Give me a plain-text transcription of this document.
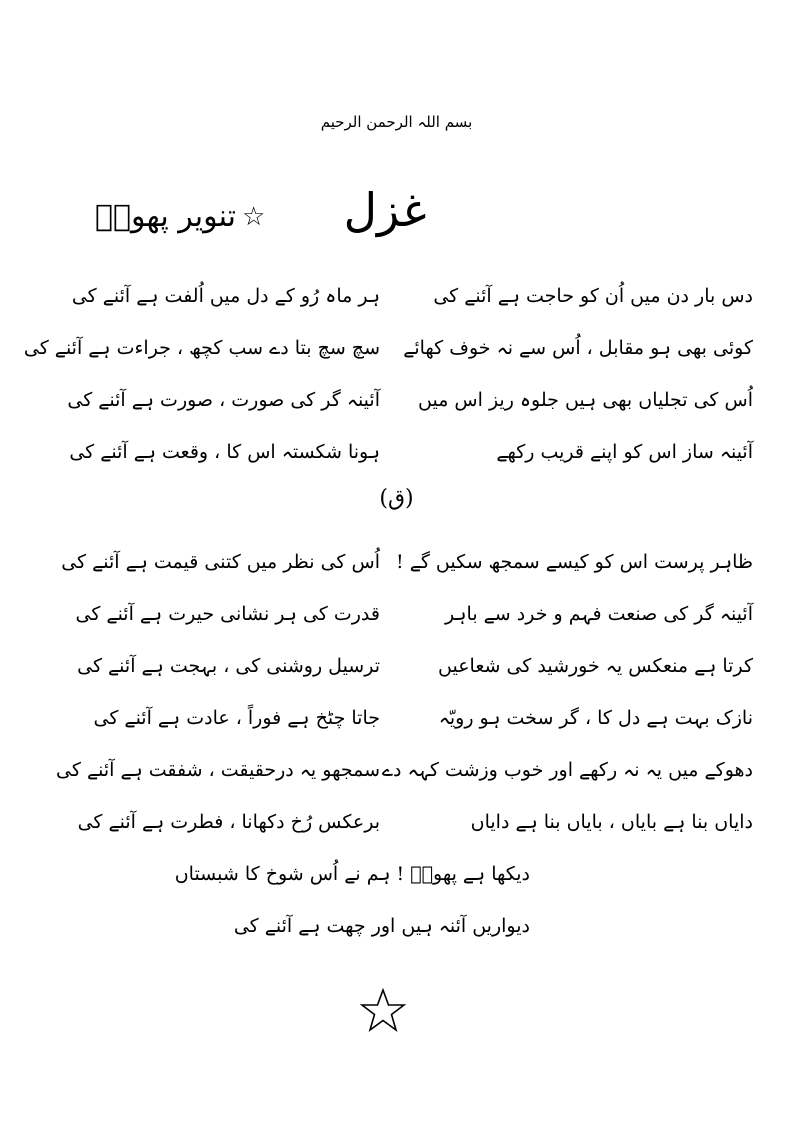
بسم اللہ الرحمن الرحیم
غزل
تنویر پھولؔ ☆
دس بار دن میں اُن کو حاجت ہے آئنے کی
ہر ماہ رُو کے دل میں اُلفت ہے آئنے کی
کوئی بھی ہو مقابل ، اُس سے نہ خوف کھائے
سچ سچ بتا دے سب کچھ ، جراءت ہے آئنے کی
اُس کی تجلیاں بھی ہیں جلوہ ریز اس میں
آئینہ گر کی صورت ، صورت ہے آئنے کی
آئینہ ساز اس کو اپنے قریب رکھے
ہونا شکستہ اس کا ، وقعت ہے آئنے کی
(ق)
ظاہر پرست اس کو کیسے سمجھ سکیں گے !
اُس کی نظر میں کتنی قیمت ہے آئنے کی
آئینہ گر کی صنعت فہم و خرد سے باہر
قدرت کی ہر نشانی حیرت ہے آئنے کی
کرتا ہے منعکس یہ خورشید کی شعاعیں
ترسیل روشنی کی ، بہجت ہے آئنے کی
نازک بہت ہے دل کا ، گر سخت ہو رویّہ
جاتا چٹخ ہے فوراً ، عادت ہے آئنے کی
دھوکے میں یہ نہ رکھے اور خوب وزشت کہہ دے
سمجھو یہ درحقیقت ، شفقت ہے آئنے کی
دایاں بنا ہے بایاں ، بایاں بنا ہے دایاں
برعکس رُخ دکھانا ، فطرت ہے آئنے کی
دیکھا ہے پھولؔ ! ہم نے اُس شوخ کا شبستاں
دیواریں آئنہ ہیں اور چھت ہے آئنے کی
